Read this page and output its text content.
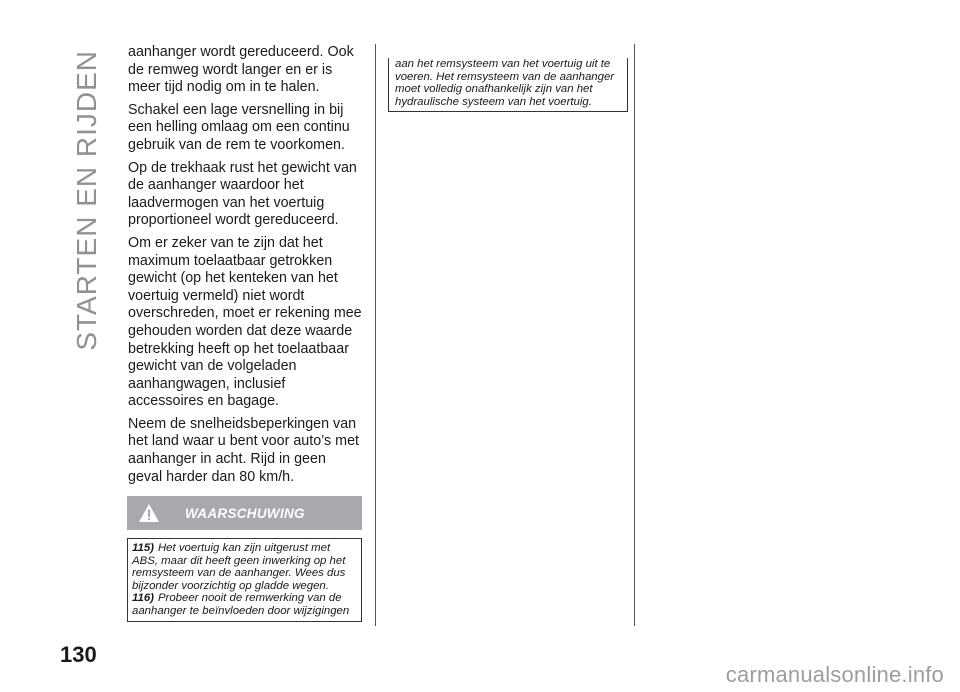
STARTEN EN RIJDEN aanhanger wordt gereduceerd. Ook de remweg wordt langer en er is meer tijd nodig om in te halen.

Schakel een lage versnelling in bij een helling omlaag om een continu gebruik van de rem te voorkomen.

Op de trekhaak rust het gewicht van de aanhanger waardoor het laadvermogen van het voertuig proportioneel wordt gereduceerd.

Om er zeker van te zijn dat het maximum toelaatbaar getrokken gewicht (op het kenteken van het voertuig vermeld) niet wordt overschreden, moet er rekening mee gehouden worden dat deze waarde betrekking heeft op het toelaatbaar gewicht van de volgeladen aanhangwagen, inclusief accessoires en bagage.

Neem de snelheidsbeperkingen van het land waar u bent voor auto’s met aanhanger in acht. Rijd in geen geval harder dan 80 km/h.

WAARSCHUWING

115) Het voertuig kan zijn uitgerust met ABS, maar dit heeft geen inwerking op het remsysteem van de aanhanger. Wees dus bijzonder voorzichtig op gladde wegen.

116) Probeer nooit de remwerking van de aanhanger te beïnvloeden door wijzigingen

aan het remsysteem van het voertuig uit te voeren. Het remsysteem van de aanhanger moet volledig onafhankelijk zijn van het hydraulische systeem van het voertuig.
130
carmanualsonline.info
